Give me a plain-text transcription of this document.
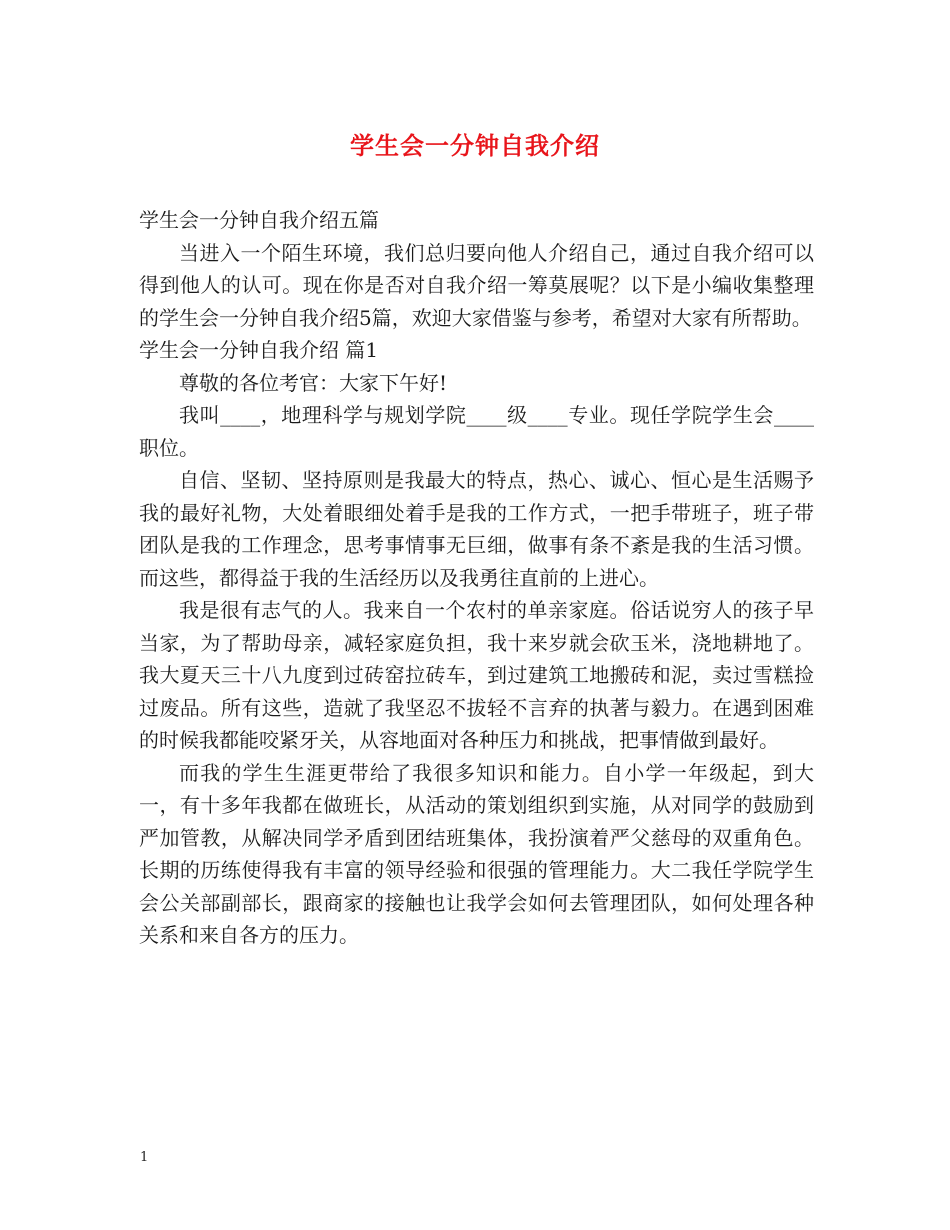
学生会一分钟自我介绍

学生会一分钟自我介绍五篇

当进入一个陌生环境，我们总归要向他人介绍自己，通过自我介绍可以得到他人的认可。现在你是否对自我介绍一筹莫展呢？以下是小编收集整理的学生会一分钟自我介绍5篇，欢迎大家借鉴与参考，希望对大家有所帮助。

学生会一分钟自我介绍 篇1

尊敬的各位考官：大家下午好!

我叫____，地理科学与规划学院____级____专业。现任学院学生会____职位。

自信、坚韧、坚持原则是我最大的特点，热心、诚心、恒心是生活赐予我的最好礼物，大处着眼细处着手是我的工作方式，一把手带班子，班子带团队是我的工作理念，思考事情事无巨细，做事有条不紊是我的生活习惯。而这些，都得益于我的生活经历以及我勇往直前的上进心。

我是很有志气的人。我来自一个农村的单亲家庭。俗话说穷人的孩子早当家，为了帮助母亲，减轻家庭负担，我十来岁就会砍玉米，浇地耕地了。我大夏天三十八九度到过砖窑拉砖车，到过建筑工地搬砖和泥，卖过雪糕捡过废品。所有这些，造就了我坚忍不拔轻不言弃的执著与毅力。在遇到困难的时候我都能咬紧牙关，从容地面对各种压力和挑战，把事情做到最好。

而我的学生生涯更带给了我很多知识和能力。自小学一年级起，到大一，有十多年我都在做班长，从活动的策划组织到实施，从对同学的鼓励到严加管教，从解决同学矛盾到团结班集体，我扮演着严父慈母的双重角色。长期的历练使得我有丰富的领导经验和很强的管理能力。大二我任学院学生会公关部副部长，跟商家的接触也让我学会如何去管理团队，如何处理各种关系和来自各方的压力。

1
